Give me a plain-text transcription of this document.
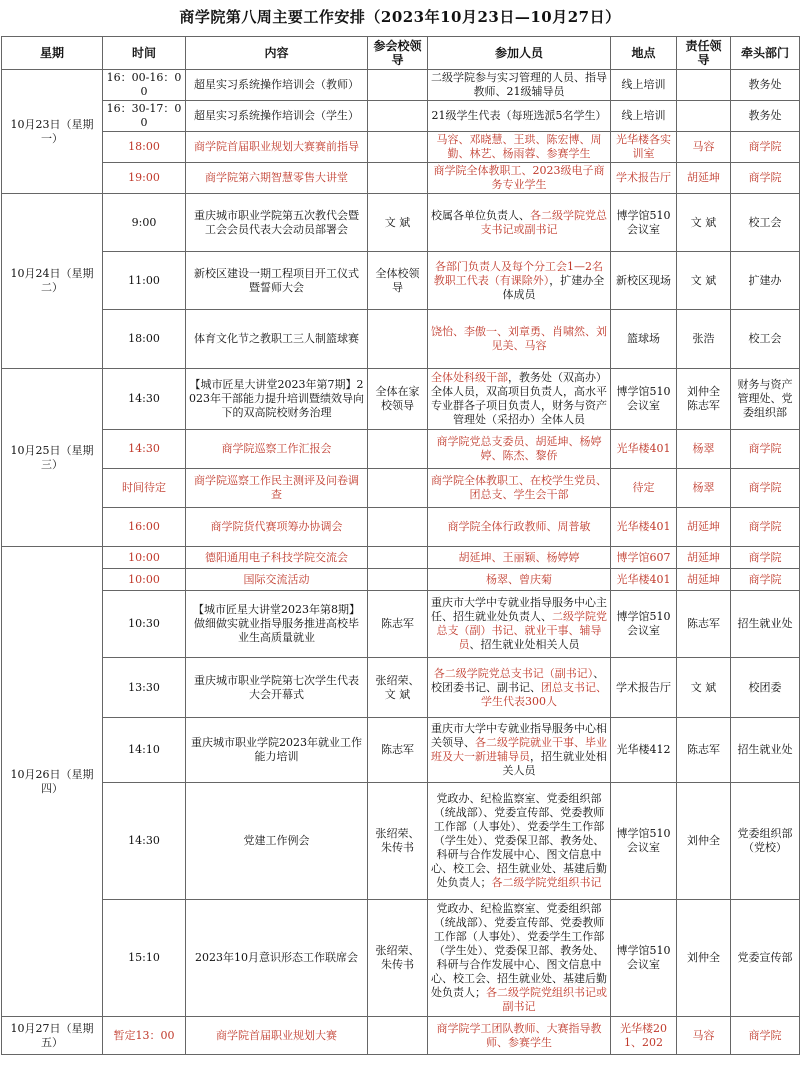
商学院第八周主要工作安排（2023年10月23日—10月27日）
星期	时间	内容	参会校领导	参加人员	地点	责任领导	牵头部门
10月23日（星期一）	16：00-16：00	超星实习系统操作培训会（教师）		二级学院参与实习管理的人员、指导教师、21级辅导员	线上培训		教务处
	16：30-17：00	超星实习系统操作培训会（学生）		21级学生代表（每班选派5名学生）	线上培训		教务处
	18:00	商学院首届职业规划大赛赛前指导		马容、邓晓慧、王珙、陈宏博、周勤、林艺、杨雨蓉、参赛学生	光华楼各实训室	马容	商学院
	19:00	商学院第六期智慧零售大讲堂		商学院全体教职工、2023级电子商务专业学生	学术报告厅	胡延坤	商学院
10月24日（星期二）	9:00	重庆城市职业学院第五次教代会暨工会会员代表大会动员部署会	文 斌	校属各单位负责人、各二级学院党总支书记或副书记	博学馆510会议室	文 斌	校工会
	11:00	新校区建设一期工程项目开工仪式暨誓师大会	全体校领导	各部门负责人及每个分工会1—2名教职工代表（有课除外），扩建办全体成员	新校区现场	文 斌	扩建办
	18:00	体育文化节之教职工三人制篮球赛		饶怡、李傲一、刘章勇、肖啸然、刘见美、马容	篮球场	张浩	校工会
10月25日（星期三）	14:30	【城市匠星大讲堂2023年第7期】2023年干部能力提升培训暨绩效导向下的双高院校财务治理	全体在家校领导	全体处科级干部，教务处（双高办）全体人员，双高项目负责人，高水平专业群各子项目负责人，财务与资产管理处（采招办）全体人员	博学馆510会议室	刘仲全 陈志军	财务与资产管理处、党委组织部
	14:30	商学院巡察工作汇报会		商学院党总支委员、胡延坤、杨婷婷、陈杰、黎侨	光华楼401	杨翠	商学院
	时间待定	商学院巡察工作民主测评及问卷调查		商学院全体教职工、在校学生党员、团总支、学生会干部	待定	杨翠	商学院
	16:00	商学院货代赛项筹办协调会		商学院全体行政教师、周普敏	光华楼401	胡延坤	商学院
10月26日（星期四）	10:00	德阳通用电子科技学院交流会		胡延坤、王丽颖、杨婷婷	博学馆607	胡延坤	商学院
	10:00	国际交流活动		杨翠、曾庆菊	光华楼401	胡延坤	商学院
	10:30	【城市匠星大讲堂2023年第8期】做细做实就业指导服务推进高校毕业生高质量就业	陈志军	重庆市大学中专就业指导服务中心主任、招生就业处负责人、二级学院党总支（副）书记、就业干事、辅导员、招生就业处相关人员	博学馆510会议室	陈志军	招生就业处
	13:30	重庆城市职业学院第七次学生代表大会开幕式	张绍荣、文 斌	各二级学院党总支书记（副书记）、校团委书记、副书记、团总支书记、学生代表300人	学术报告厅	文 斌	校团委
	14:10	重庆城市职业学院2023年就业工作能力培训	陈志军	重庆市大学中专就业指导服务中心相关领导、各二级学院就业干事、毕业班及大一新进辅导员，招生就业处相关人员	光华楼412	陈志军	招生就业处
	14:30	党建工作例会	张绍荣、朱传书	党政办、纪检监察室、党委组织部（统战部）、党委宣传部、党委教师工作部（人事处）、党委学生工作部（学生处）、党委保卫部、教务处、科研与合作发展中心、图文信息中心、校工会、招生就业处、基建后勤处负责人；各二级学院党组织书记	博学馆510会议室	刘仲全	党委组织部（党校）
	15:10	2023年10月意识形态工作联席会	张绍荣、朱传书	党政办、纪检监察室、党委组织部（统战部）、党委宣传部、党委教师工作部（人事处）、党委学生工作部（学生处）、党委保卫部、教务处、科研与合作发展中心、图文信息中心、校工会、招生就业处、基建后勤处负责人；各二级学院党组织书记或副书记	博学馆510会议室	刘仲全	党委宣传部
10月27日（星期五）	暂定13：00	商学院首届职业规划大赛		商学院学工团队教师、大赛指导教师、参赛学生	光华楼201、202	马容	商学院
